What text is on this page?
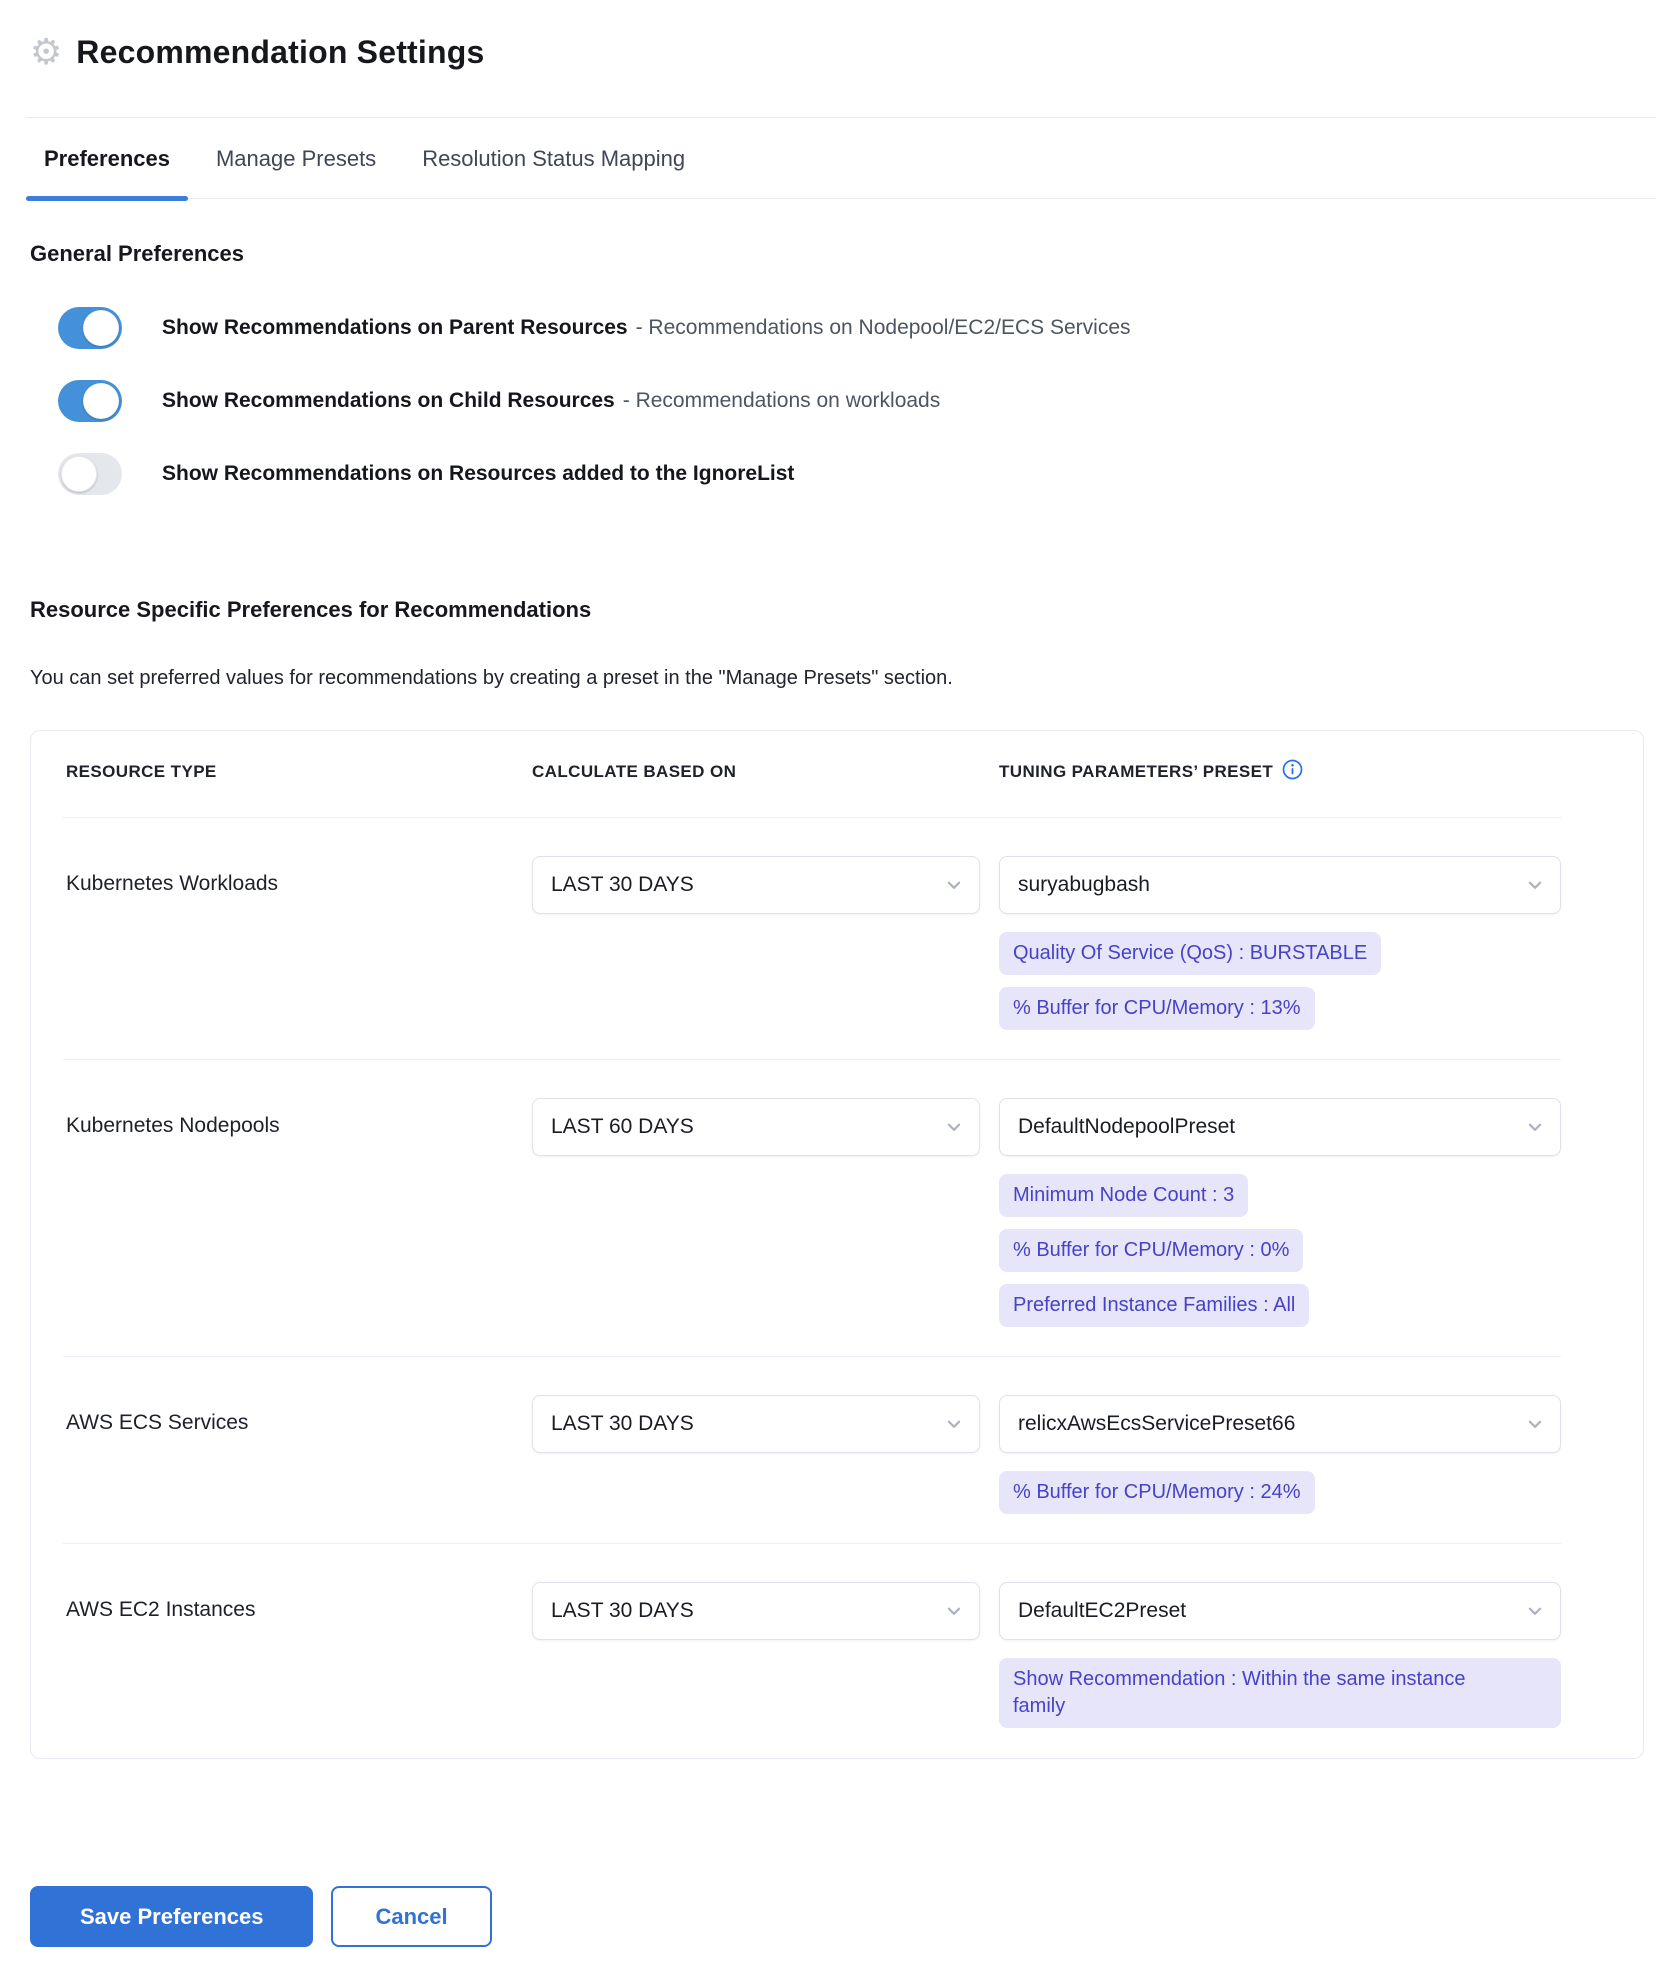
⚙ Recommendation Settings
Preferences	Manage Presets	Resolution Status Mapping
General Preferences
Show Recommendations on Parent Resources - Recommendations on Nodepool/EC2/ECS Services
Show Recommendations on Child Resources - Recommendations on workloads
Show Recommendations on Resources added to the IgnoreList
Resource Specific Preferences for Recommendations
You can set preferred values for recommendations by creating a preset in the "Manage Presets" section.
RESOURCE TYPE	CALCULATE BASED ON	TUNING PARAMETERS’ PRESET
Kubernetes Workloads	LAST 30 DAYS	suryabugbash
Quality Of Service (QoS) : BURSTABLE
% Buffer for CPU/Memory : 13%
Kubernetes Nodepools	LAST 60 DAYS	DefaultNodepoolPreset
Minimum Node Count : 3
% Buffer for CPU/Memory : 0%
Preferred Instance Families : All
AWS ECS Services	LAST 30 DAYS	relicxAwsEcsServicePreset66
% Buffer for CPU/Memory : 24%
AWS EC2 Instances	LAST 30 DAYS	DefaultEC2Preset
Show Recommendation : Within the same instance family
Save Preferences	Cancel
